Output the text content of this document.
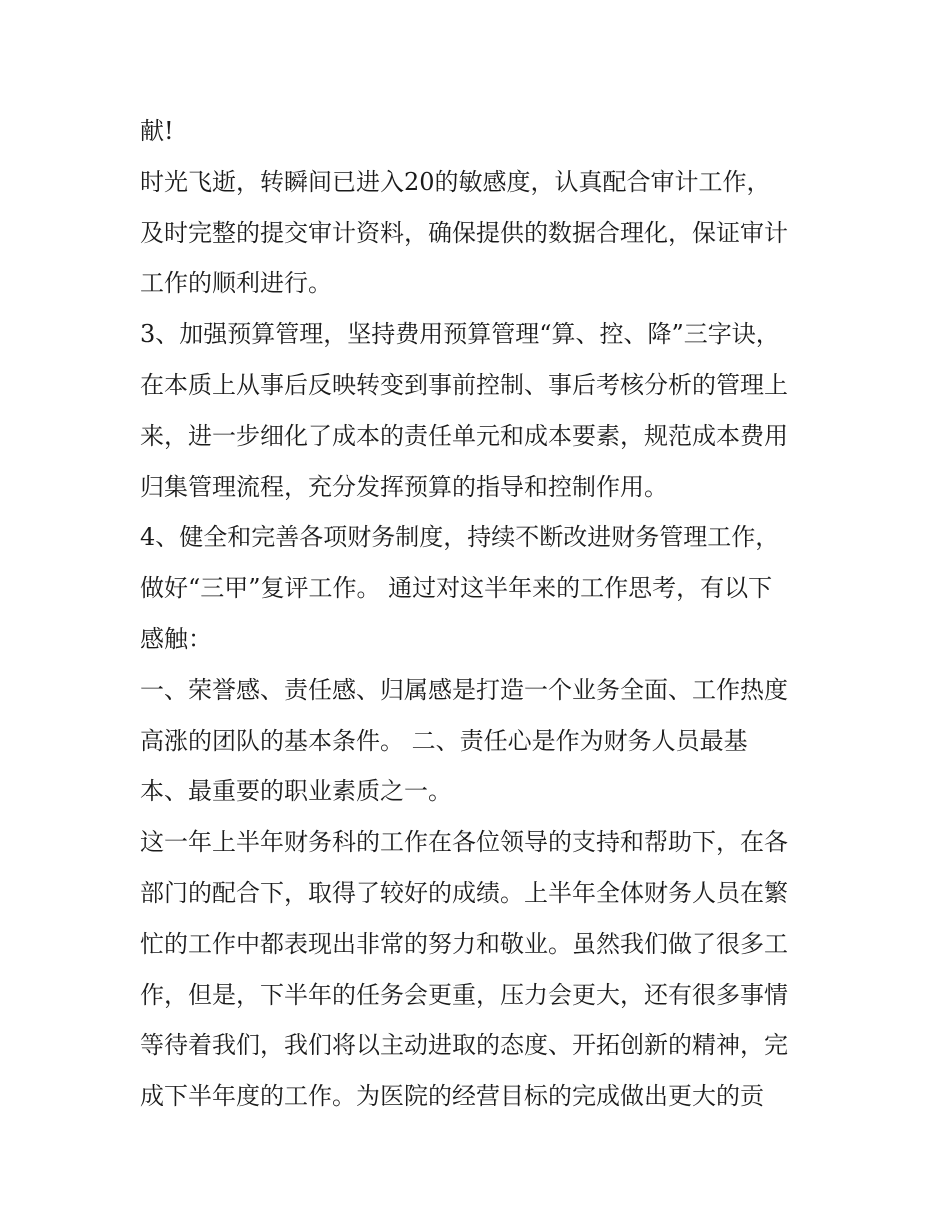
献!
时光飞逝，转瞬间已进入20的敏感度，认真配合审计工作，
及时完整的提交审计资料，确保提供的数据合理化，保证审计
工作的顺利进行。
3、加强预算管理，坚持费用预算管理“算、控、降”三字诀，
在本质上从事后反映转变到事前控制、事后考核分析的管理上
来，进一步细化了成本的责任单元和成本要素，规范成本费用
归集管理流程，充分发挥预算的指导和控制作用。
4、健全和完善各项财务制度，持续不断改进财务管理工作，
做好“三甲”复评工作。 通过对这半年来的工作思考，有以下
感触：
一、荣誉感、责任感、归属感是打造一个业务全面、工作热度
高涨的团队的基本条件。 二、责任心是作为财务人员最基
本、最重要的职业素质之一。
这一年上半年财务科的工作在各位领导的支持和帮助下，在各
部门的配合下，取得了较好的成绩。上半年全体财务人员在繁
忙的工作中都表现出非常的努力和敬业。虽然我们做了很多工
作，但是，下半年的任务会更重，压力会更大，还有很多事情
等待着我们，我们将以主动进取的态度、开拓创新的精神，完
成下半年度的工作。为医院的经营目标的完成做出更大的贡
